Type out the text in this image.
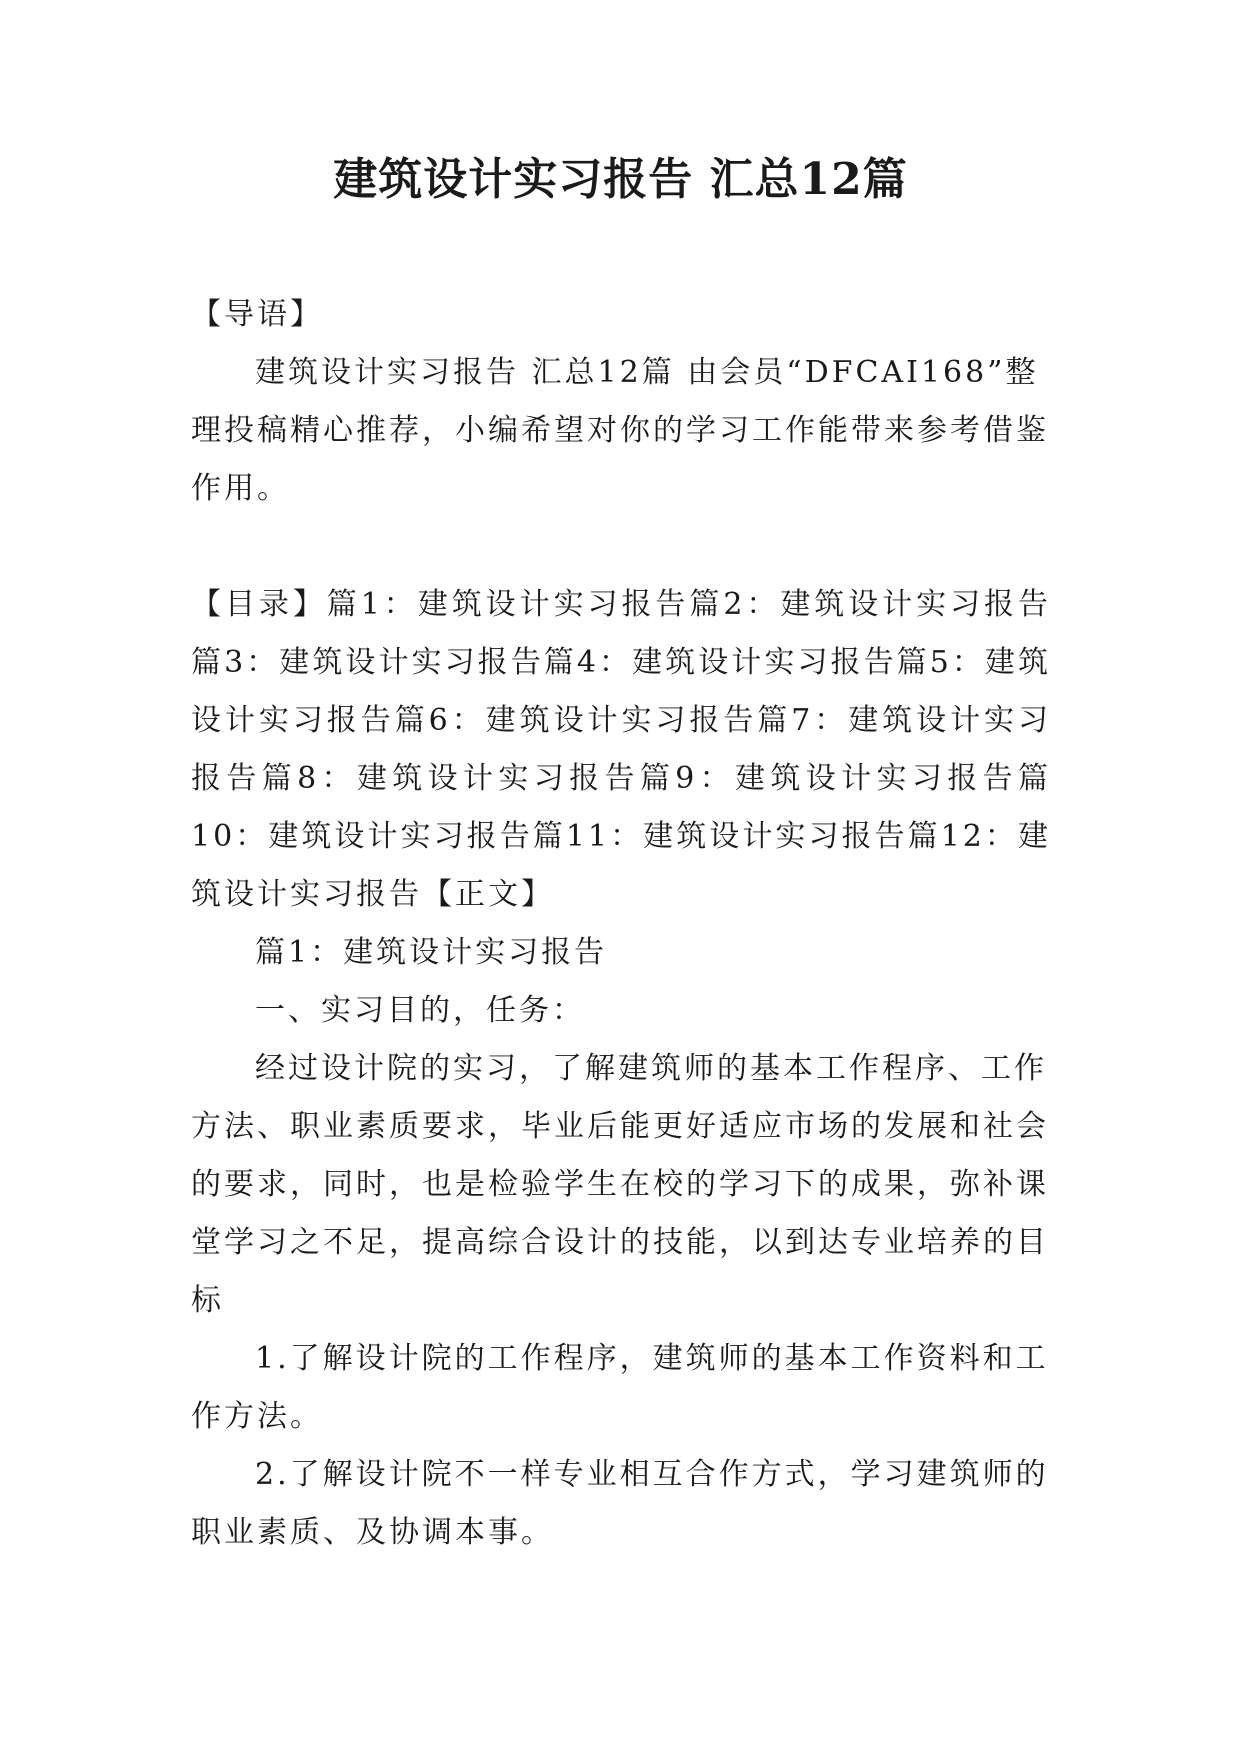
建筑设计实习报告 汇总12篇

【导语】

建筑设计实习报告 汇总12篇 由会员“DFCAI168”整理投稿精心推荐，小编希望对你的学习工作能带来参考借鉴作用。

【目录】篇1：建筑设计实习报告篇2：建筑设计实习报告篇3：建筑设计实习报告篇4：建筑设计实习报告篇5：建筑设计实习报告篇6：建筑设计实习报告篇7：建筑设计实习报告篇8：建筑设计实习报告篇9：建筑设计实习报告篇10：建筑设计实习报告篇11：建筑设计实习报告篇12：建筑设计实习报告【正文】

篇1：建筑设计实习报告

一、实习目的，任务：

经过设计院的实习，了解建筑师的基本工作程序、工作方法、职业素质要求，毕业后能更好适应市场的发展和社会的要求，同时，也是检验学生在校的学习下的成果，弥补课堂学习之不足，提高综合设计的技能，以到达专业培养的目标

1.了解设计院的工作程序，建筑师的基本工作资料和工作方法。

2.了解设计院不一样专业相互合作方式，学习建筑师的职业素质、及协调本事。
